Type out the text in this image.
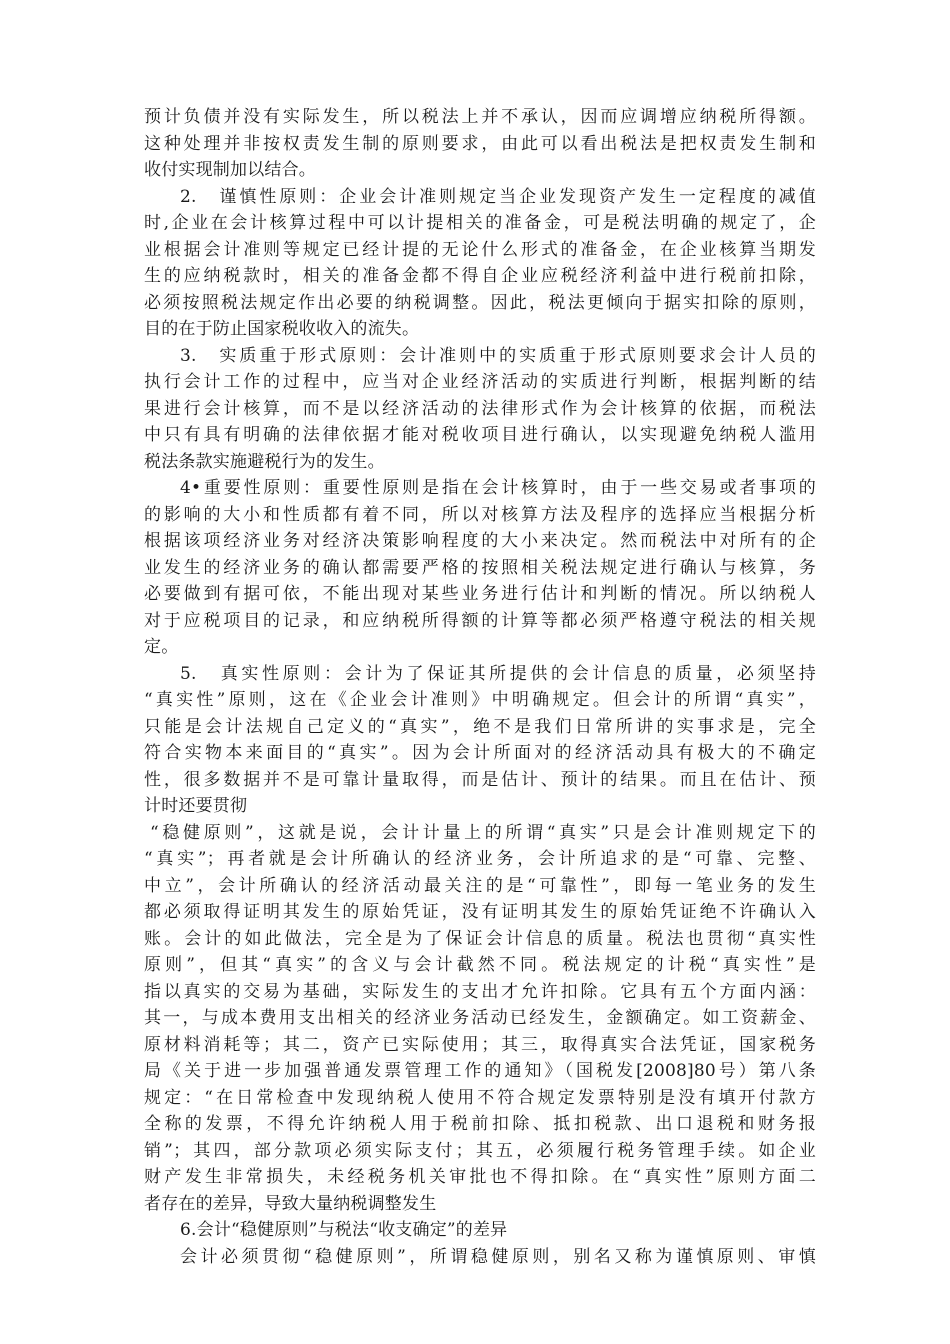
预计负债并没有实际发生，所以税法上并不承认，因而应调增应纳税所得额。
这种处理并非按权责发生制的原则要求，由此可以看出税法是把权责发生制和
收付实现制加以结合。
2.　谨慎性原则：企业会计准则规定当企业发现资产发生一定程度的减值
时,企业在会计核算过程中可以计提相关的准备金，可是税法明确的规定了，企
业根据会计准则等规定已经计提的无论什么形式的准备金，在企业核算当期发
生的应纳税款时，相关的准备金都不得自企业应税经济利益中进行税前扣除，
必须按照税法规定作出必要的纳税调整。因此，税法更倾向于据实扣除的原则，
目的在于防止国家税收收入的流失。
3.　实质重于形式原则：会计准则中的实质重于形式原则要求会计人员的
执行会计工作的过程中，应当对企业经济活动的实质进行判断，根据判断的结
果进行会计核算，而不是以经济活动的法律形式作为会计核算的依据，而税法
中只有具有明确的法律依据才能对税收项目进行确认，以实现避免纳税人滥用
税法条款实施避税行为的发生。
4•重要性原则：重要性原则是指在会计核算时，由于一些交易或者事项的
的影响的大小和性质都有着不同，所以对核算方法及程序的选择应当根据分析
根据该项经济业务对经济决策影响程度的大小来决定。然而税法中对所有的企
业发生的经济业务的确认都需要严格的按照相关税法规定进行确认与核算，务
必要做到有据可依，不能出现对某些业务进行估计和判断的情况。所以纳税人
对于应税项目的记录，和应纳税所得额的计算等都必须严格遵守税法的相关规
定。
5.　真实性原则：会计为了保证其所提供的会计信息的质量，必须坚持
“真实性”原则，这在《企业会计准则》中明确规定。但会计的所谓“真实”，
只能是会计法规自己定义的“真实”，绝不是我们日常所讲的实事求是，完全
符合实物本来面目的“真实”。因为会计所面对的经济活动具有极大的不确定
性，很多数据并不是可靠计量取得，而是估计、预计的结果。而且在估计、预
计时还要贯彻
“稳健原则”，这就是说，会计计量上的所谓“真实”只是会计准则规定下的
“真实”；再者就是会计所确认的经济业务，会计所追求的是“可靠、完整、
中立”，会计所确认的经济活动最关注的是“可靠性”，即每一笔业务的发生
都必须取得证明其发生的原始凭证，没有证明其发生的原始凭证绝不许确认入
账。会计的如此做法，完全是为了保证会计信息的质量。税法也贯彻“真实性
原则”，但其“真实”的含义与会计截然不同。税法规定的计税“真实性”是
指以真实的交易为基础，实际发生的支出才允许扣除。它具有五个方面内涵：
其一，与成本费用支出相关的经济业务活动已经发生，金额确定。如工资薪金、
原材料消耗等；其二，资产已实际使用；其三，取得真实合法凭证，国家税务
局《关于进一步加强普通发票管理工作的通知》（国税发[2008]80号）第八条
规定：“在日常检查中发现纳税人使用不符合规定发票特别是没有填开付款方
全称的发票，不得允许纳税人用于税前扣除、抵扣税款、出口退税和财务报
销”；其四，部分款项必须实际支付；其五，必须履行税务管理手续。如企业
财产发生非常损失，未经税务机关审批也不得扣除。在“真实性”原则方面二
者存在的差异，导致大量纳税调整发生
6.会计“稳健原则”与税法“收支确定”的差异
会计必须贯彻“稳健原则”，所谓稳健原则，别名又称为谨慎原则、审慎
